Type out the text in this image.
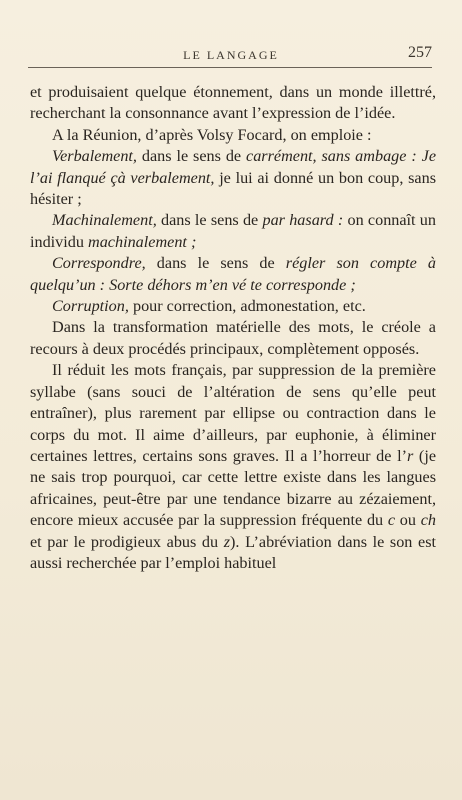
LE LANGAGE	257

et produisaient quelque étonnement, dans un monde illettré, recherchant la consonnance avant l’expression de l’idée.

A la Réunion, d’après Volsy Focard, on emploie :

Verbalement, dans le sens de carrément, sans ambage : Je l’ai flanqué çà verbalement, je lui ai donné un bon coup, sans hésiter ;

Machinalement, dans le sens de par hasard : on connaît un individu machinalement ;

Correspondre, dans le sens de régler son compte à quelqu’un : Sorte déhors m’en vé te corresponde ;

Corruption, pour correction, admonestation, etc.

Dans la transformation matérielle des mots, le créole a recours à deux procédés principaux, complètement opposés.

Il réduit les mots français, par suppression de la première syllabe (sans souci de l’altération de sens qu’elle peut entraîner), plus rarement par ellipse ou contraction dans le corps du mot. Il aime d’ailleurs, par euphonie, à éliminer certaines lettres, certains sons graves. Il a l’horreur de l’r (je ne sais trop pourquoi, car cette lettre existe dans les langues africaines, peut-être par une tendance bizarre au zézaiement, encore mieux accusée par la suppression fréquente du c ou ch et par le prodigieux abus du z). L’abréviation dans le son est aussi recherchée par l’emploi habituel
